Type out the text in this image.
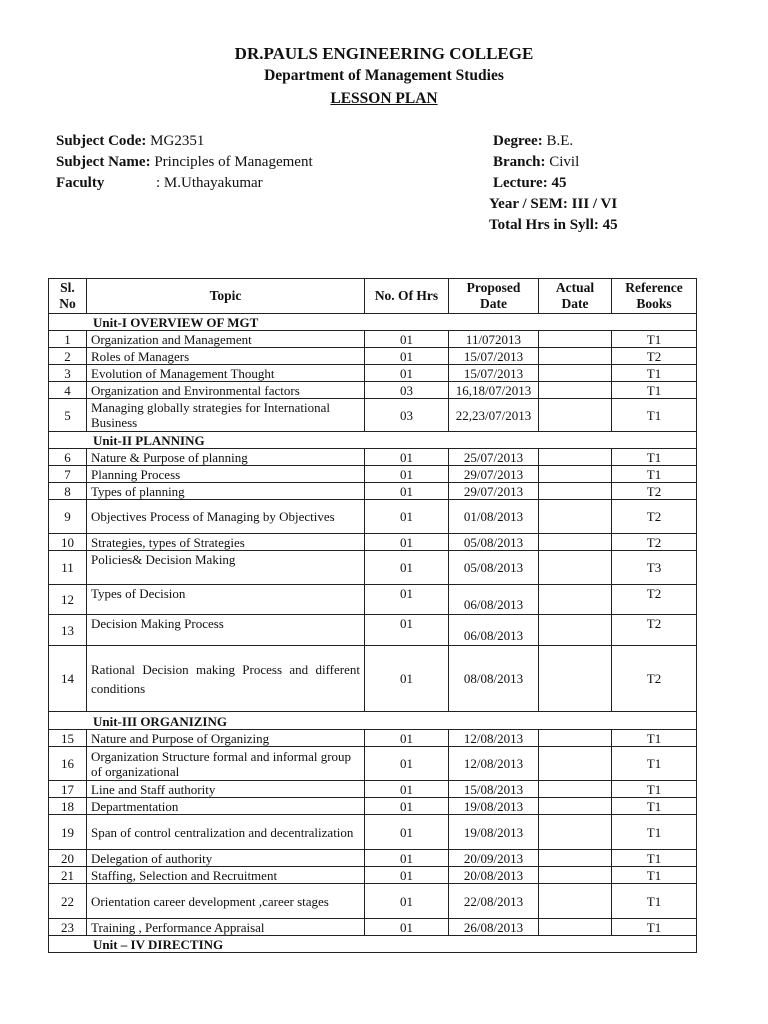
DR.PAULS ENGINEERING COLLEGE
Department of Management Studies
LESSON PLAN
Subject Code: MG2351
Subject Name: Principles of Management
Faculty	: M.Uthayakumar
Degree: B.E.
Branch: Civil
Lecture: 45
Year / SEM: III / VI
Total Hrs in Syll: 45
Sl. No	Topic	No. Of Hrs	Proposed Date	Actual Date	Reference Books
Unit-I OVERVIEW OF MGT					
1	Organization and Management	01	11/072013		T1
2	Roles of Managers	01	15/07/2013		T2
3	Evolution of Management Thought	01	15/07/2013		T1
4	Organization and Environmental factors	03	16,18/07/2013		T1
5	Managing globally strategies for International Business	03	22,23/07/2013		T1
Unit-II PLANNING					
6	Nature & Purpose of planning	01	25/07/2013		T1
7	Planning Process	01	29/07/2013		T1
8	Types of planning	01	29/07/2013		T2
9	Objectives Process of Managing by Objectives	01	01/08/2013		T2
10	Strategies, types of Strategies	01	05/08/2013		T2
11	Policies& Decision Making	01	05/08/2013		T3
12	Types of Decision	01	06/08/2013		T2
13	Decision Making Process	01	06/08/2013		T2
14	Rational Decision making Process and different conditions	01	08/08/2013		T2
Unit-III ORGANIZING					
15	Nature and Purpose of Organizing	01	12/08/2013		T1
16	Organization Structure formal and informal group of organizational	01	12/08/2013		T1
17	Line and Staff authority	01	15/08/2013		T1
18	Departmentation	01	19/08/2013		T1
19	Span of control centralization and decentralization	01	19/08/2013		T1
20	Delegation of authority	01	20/09/2013		T1
21	Staffing, Selection and Recruitment	01	20/08/2013		T1
22	Orientation career development ,career stages	01	22/08/2013		T1
23	Training , Performance Appraisal	01	26/08/2013		T1
Unit – IV DIRECTING					
